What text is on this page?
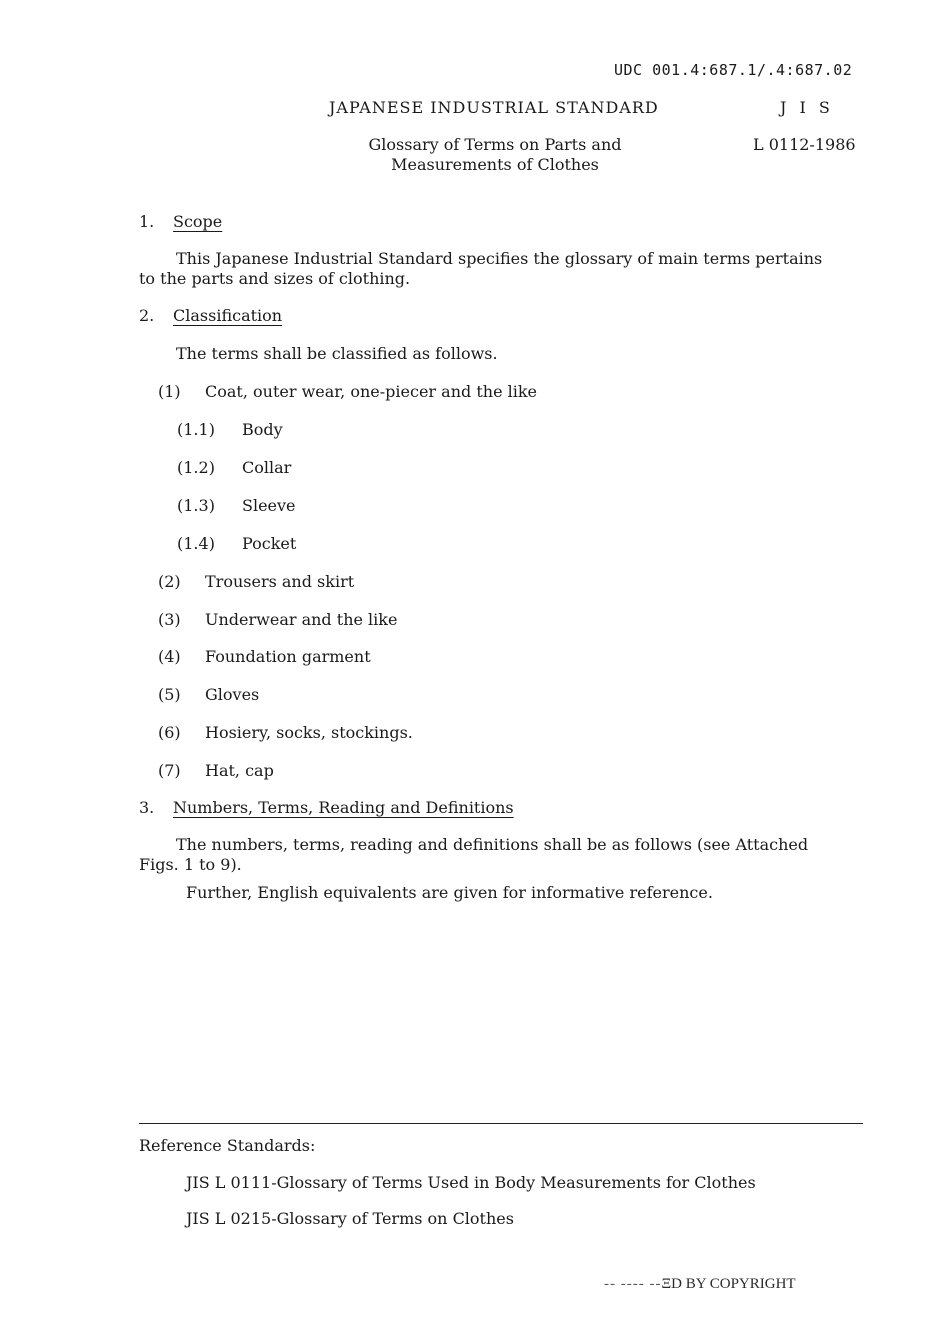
UDC 001.4:687.1/.4:687.02
JAPANESE INDUSTRIAL STANDARD	J I S
Glossary of Terms on Parts and Measurements of Clothes
L 0112-1986
1. Scope
This Japanese Industrial Standard specifies the glossary of main terms pertains to the parts and sizes of clothing.
2. Classification
The terms shall be classified as follows.
(1) Coat, outer wear, one-piecer and the like
(1.1) Body
(1.2) Collar
(1.3) Sleeve
(1.4) Pocket
(2) Trousers and skirt
(3) Underwear and the like
(4) Foundation garment
(5) Gloves
(6) Hosiery, socks, stockings.
(7) Hat, cap
3. Numbers, Terms, Reading and Definitions
The numbers, terms, reading and definitions shall be as follows (see Attached Figs. 1 to 9).
Further, English equivalents are given for informative reference.
Reference Standards:
JIS L 0111-Glossary of Terms Used in Body Measurements for Clothes
JIS L 0215-Glossary of Terms on Clothes
-- ---- --ΞD BY COPYRIGHT
